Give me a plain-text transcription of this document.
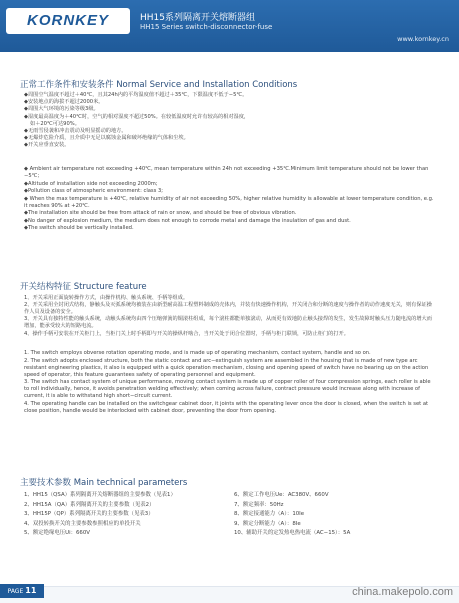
KORNKEY	HH15系列隔离开关熔断器组
HH15 Series switch-disconnector-fuse
www.kornkey.cn
正常工作条件和安装条件 Normal Service and Installation Conditions
◆周围空气温度不超过＋40℃，且其24h内的平均温度值不超过＋35℃，下限温度不低于−5℃。
◆安装地点的海拔不超过2000米。
◆周围大气环境的污染等级3级。
◆湿度最高温度为＋40℃时，空气的相对湿度不超过50%。在较低温度时允许有较高的相对湿度，
如＋20℃可达90%。
◆无雨雪侵袭和冲击震动及明显摇动的地方。
◆无爆炸危险介质，且介质中无足以腐蚀金属和破坏绝缘的气体和尘埃。
◆开关应垂直安装。
◆ Ambient air temperature not exceeding +40℃, mean temperature within 24h not exceeding +35℃.Minimum limit temperature should not be lower than −5℃;
◆Altitude of installation side not exceeding 2000m;
◆Pollution class of atmospheric environment: class 3;
◆ When the max temperature is +40℃, relative humidity of air not exceeding 50%, higher relative humidity is allowable at lower temperature condition, e.g. it reaches 90% at +20℃.
◆The installation site should be free from attack of rain or snow, and should be free of obvious vibration.
◆No danger of explosion medium, the medium does not enough to corrode metal and damage the insulation of gas and dust.
◆The switch should be vertically installed.
开关结构特征 Structure feature
1、开关采用正面旋转操作方式，由操作机构、触头系统、手柄等组成。
2、开关采用全封闭式结构，静触头及灭弧系统均被装在由新型耐高温工程塑料制成的壳体内，并装有快速操作机构，开关闭合和分断的速度与操作者的动作速度无关，则有保证操作人员及设备的安全。
3、开关具有独特性能的触头系统，动触头系统均由四个压缩弹簧的铜滚柱组成，每个滚柱都能单独滚动，从而更有效地防止触头接焊的发生，发生故障时触头压力随电流的增大而增加，能承受较大的短路电流。
4、操作手柄可安装在开关柜门上，当柜门关上时手柄即与开关的操纵杆啮合，当开关处于闭合位置时，手柄与柜门联锁，可防止柜门的打开。
1. The switch employs obverse rotation operating mode, and is made up of operating mechanism, contact system, handle and so on.
2. The switch adopts enclosed structure, both the static contact and arc−extinguish system are assembled in the housing that is made of new type arc resistant engineering plastics, it also is equipped with a quick operation mechanism, closing and opening speed of switch have no bearing up on the action speed of operator, this feature guarantees safety of operating personnel and equipment.
3. The switch has contact system of unique performance, moving contact system is made up of copper roller of four compression springs, each roller is able to roll individually, hence, it avoids penetration welding effectively; when coming across failure, contract pressure would increase along with increase of current, it is able to withstand high short−circuit current.
4. The operating handle can be installed on the switchgear cabinet door, it joints with the operating lever once the door is closed, when the switch is set at close position, handle would be interlocked with cabinet door, preventing the door from opening.
主要技术参数 Main technical parameters
1、HH15（QSA）系列隔离开关熔断器组的主要参数（见表1）	6、额定工作电压Ue：AC380V、660V
2、HH15A（QA）系列隔离开关的主要参数（见表2）	7、额定频率：50Hz
3、HH15P（QP）系列隔离开关的主要参数（见表3）	8、额定接通能力（A）：10Ie
4、双投转换开关的主要参数参照相应的单投开关	9、额定分断能力（A）：8Ie
5、额定绝缘电压Ui：660V	10、辅助开关的定发热电热电流（AC−15）：5A
PAGE 11	china.makepolo.com
